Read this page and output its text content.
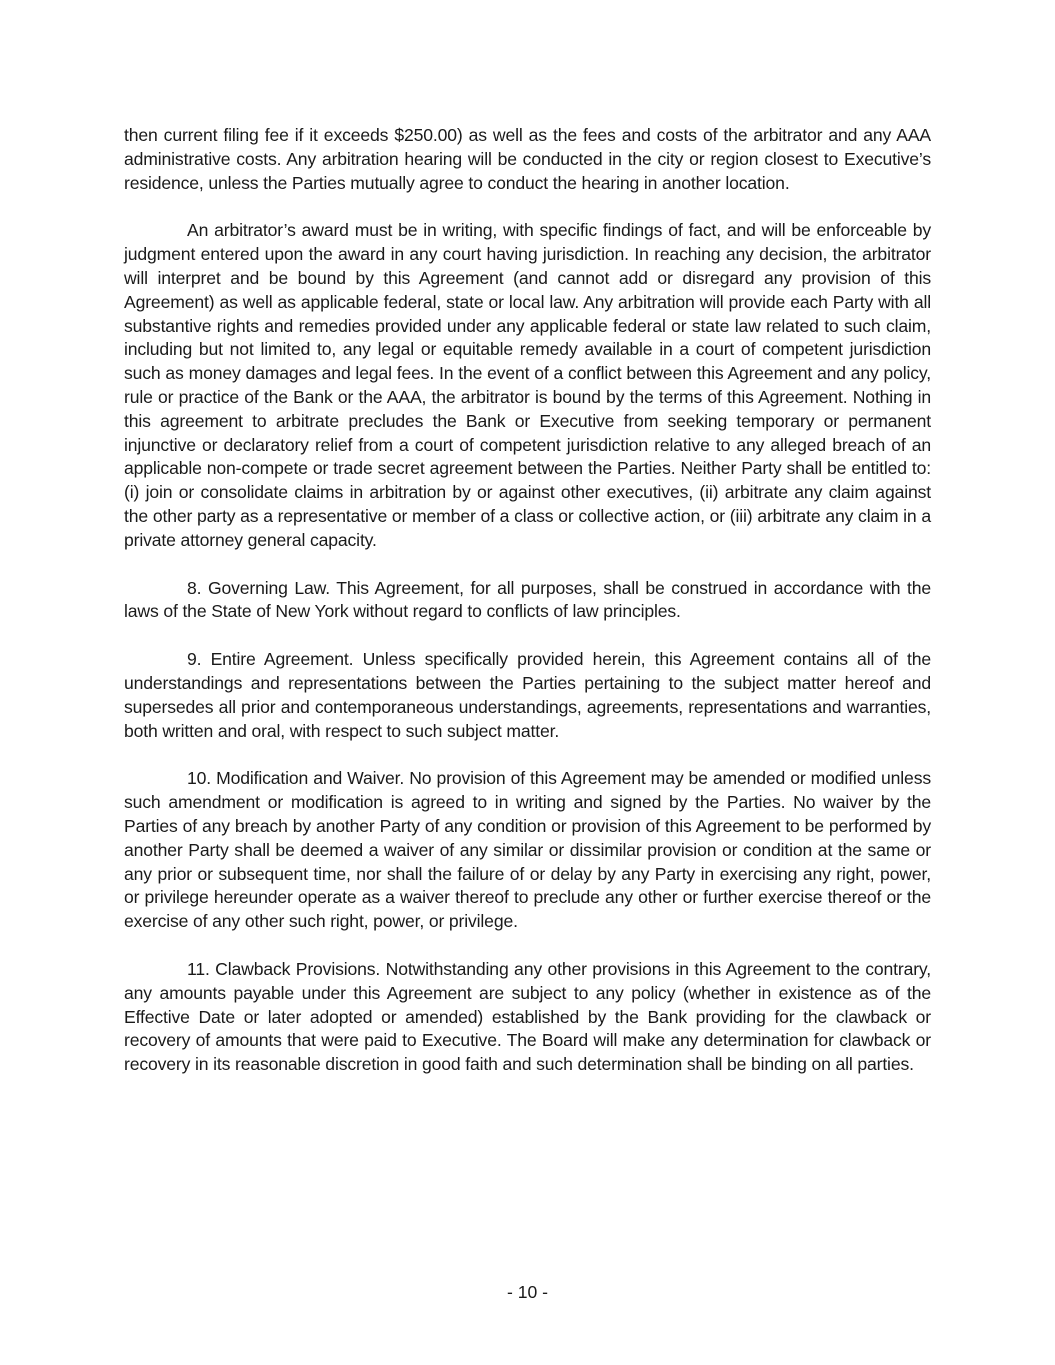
then current filing fee if it exceeds $250.00) as well as the fees and costs of the arbitrator and any AAA administrative costs. Any arbitration hearing will be conducted in the city or region closest to Executive’s residence, unless the Parties mutually agree to conduct the hearing in another location.

An arbitrator’s award must be in writing, with specific findings of fact, and will be enforceable by judgment entered upon the award in any court having jurisdiction. In reaching any decision, the arbitrator will interpret and be bound by this Agreement (and cannot add or disregard any provision of this Agreement) as well as applicable federal, state or local law. Any arbitration will provide each Party with all substantive rights and remedies provided under any applicable federal or state law related to such claim, including but not limited to, any legal or equitable remedy available in a court of competent jurisdiction such as money damages and legal fees. In the event of a conflict between this Agreement and any policy, rule or practice of the Bank or the AAA, the arbitrator is bound by the terms of this Agreement. Nothing in this agreement to arbitrate precludes the Bank or Executive from seeking temporary or permanent injunctive or declaratory relief from a court of competent jurisdiction relative to any alleged breach of an applicable non-compete or trade secret agreement between the Parties. Neither Party shall be entitled to: (i) join or consolidate claims in arbitration by or against other executives, (ii) arbitrate any claim against the other party as a representative or member of a class or collective action, or (iii) arbitrate any claim in a private attorney general capacity.

8. Governing Law. This Agreement, for all purposes, shall be construed in accordance with the laws of the State of New York without regard to conflicts of law principles.

9. Entire Agreement. Unless specifically provided herein, this Agreement contains all of the understandings and representations between the Parties pertaining to the subject matter hereof and supersedes all prior and contemporaneous understandings, agreements, representations and warranties, both written and oral, with respect to such subject matter.

10. Modification and Waiver. No provision of this Agreement may be amended or modified unless such amendment or modification is agreed to in writing and signed by the Parties. No waiver by the Parties of any breach by another Party of any condition or provision of this Agreement to be performed by another Party shall be deemed a waiver of any similar or dissimilar provision or condition at the same or any prior or subsequent time, nor shall the failure of or delay by any Party in exercising any right, power, or privilege hereunder operate as a waiver thereof to preclude any other or further exercise thereof or the exercise of any other such right, power, or privilege.

11. Clawback Provisions. Notwithstanding any other provisions in this Agreement to the contrary, any amounts payable under this Agreement are subject to any policy (whether in existence as of the Effective Date or later adopted or amended) established by the Bank providing for the clawback or recovery of amounts that were paid to Executive. The Board will make any determination for clawback or recovery in its reasonable discretion in good faith and such determination shall be binding on all parties.

- 10 -
